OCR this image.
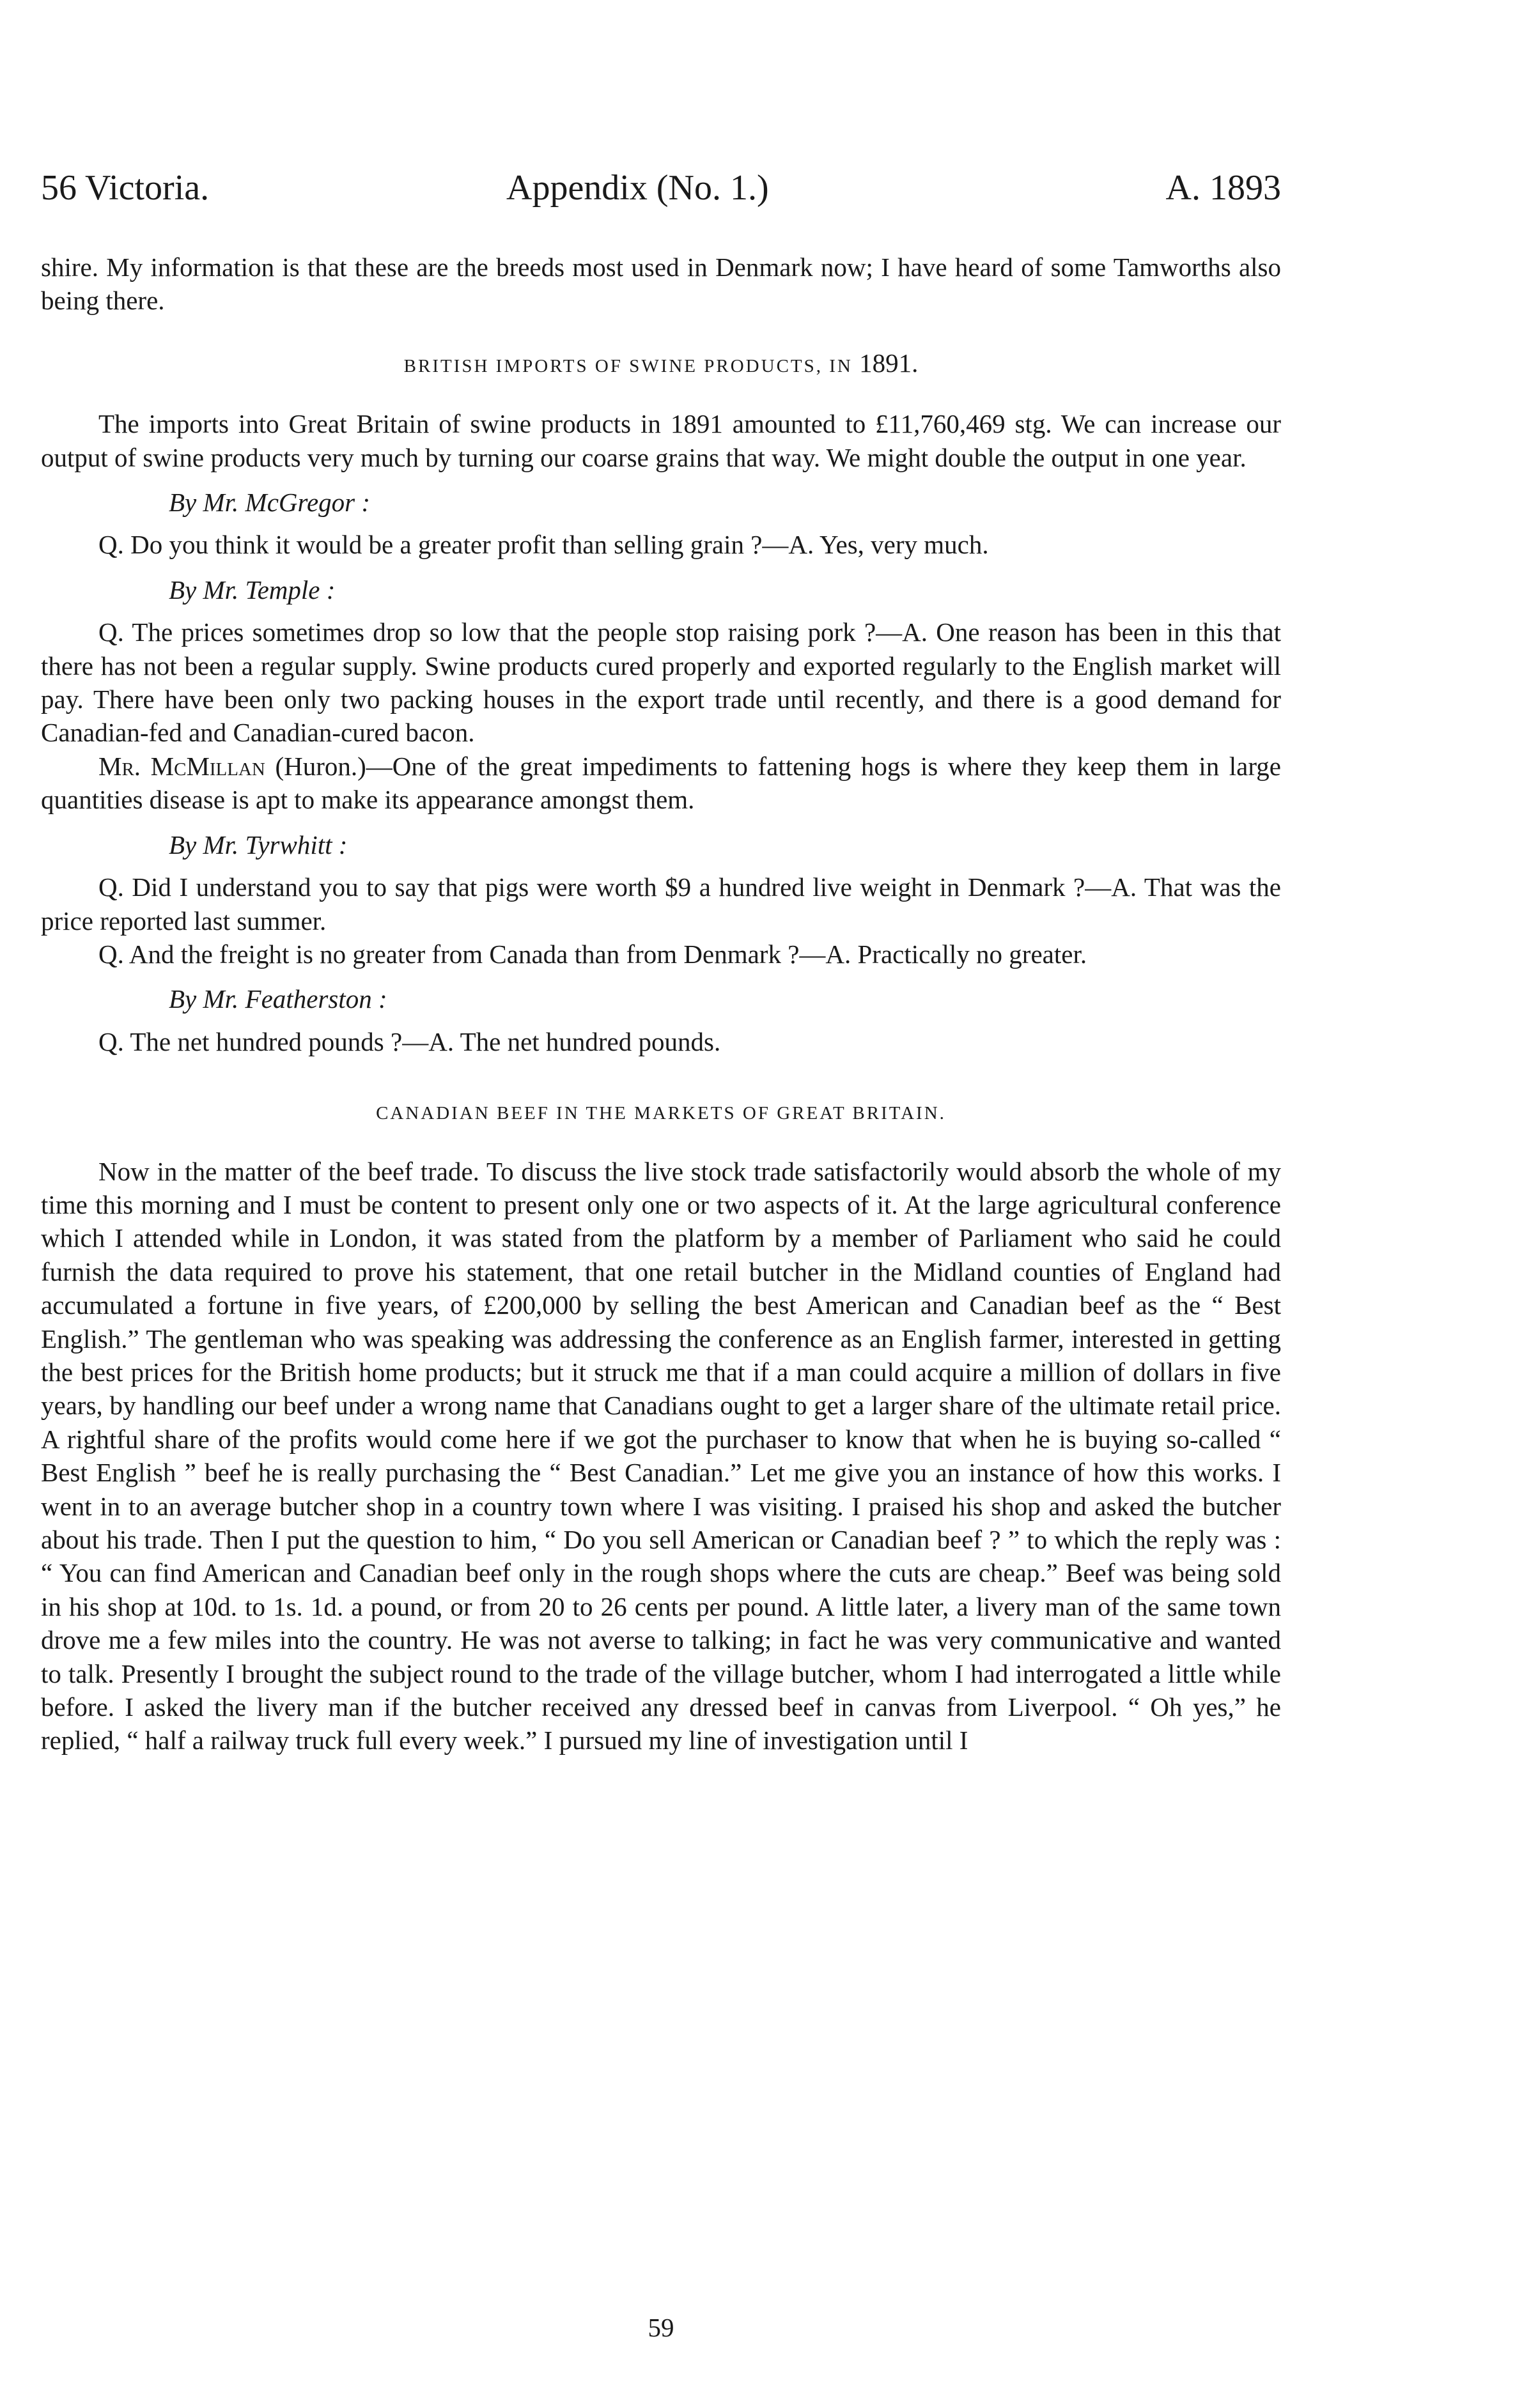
56 Victoria.	Appendix (No. 1.)	A. 1893

shire. My information is that these are the breeds most used in Denmark now; I have heard of some Tamworths also being there.

BRITISH IMPORTS OF SWINE PRODUCTS, IN 1891.

The imports into Great Britain of swine products in 1891 amounted to £11,760,469 stg. We can increase our output of swine products very much by turning our coarse grains that way. We might double the output in one year.

By Mr. McGregor :

Q. Do you think it would be a greater profit than selling grain ?—A. Yes, very much.

By Mr. Temple :

Q. The prices sometimes drop so low that the people stop raising pork ?—A. One reason has been in this that there has not been a regular supply. Swine products cured properly and exported regularly to the English market will pay. There have been only two packing houses in the export trade until recently, and there is a good demand for Canadian-fed and Canadian-cured bacon.

Mr. McMillan (Huron.)—One of the great impediments to fattening hogs is where they keep them in large quantities disease is apt to make its appearance amongst them.

By Mr. Tyrwhitt :

Q. Did I understand you to say that pigs were worth $9 a hundred live weight in Denmark ?—A. That was the price reported last summer.

Q. And the freight is no greater from Canada than from Denmark ?—A. Practically no greater.

By Mr. Featherston :

Q. The net hundred pounds ?—A. The net hundred pounds.

CANADIAN BEEF IN THE MARKETS OF GREAT BRITAIN.

Now in the matter of the beef trade. To discuss the live stock trade satisfactorily would absorb the whole of my time this morning and I must be content to present only one or two aspects of it. At the large agricultural conference which I attended while in London, it was stated from the platform by a member of Parliament who said he could furnish the data required to prove his statement, that one retail butcher in the Midland counties of England had accumulated a fortune in five years, of £200,000 by selling the best American and Canadian beef as the “ Best English.” The gentleman who was speaking was addressing the conference as an English farmer, interested in getting the best prices for the British home products; but it struck me that if a man could acquire a million of dollars in five years, by handling our beef under a wrong name that Canadians ought to get a larger share of the ultimate retail price. A rightful share of the profits would come here if we got the purchaser to know that when he is buying so-called “ Best English ” beef he is really purchasing the “ Best Canadian.” Let me give you an instance of how this works. I went in to an average butcher shop in a country town where I was visiting. I praised his shop and asked the butcher about his trade. Then I put the question to him, “ Do you sell American or Canadian beef ? ” to which the reply was : “ You can find American and Canadian beef only in the rough shops where the cuts are cheap.” Beef was being sold in his shop at 10d. to 1s. 1d. a pound, or from 20 to 26 cents per pound. A little later, a livery man of the same town drove me a few miles into the country. He was not averse to talking; in fact he was very communicative and wanted to talk. Presently I brought the subject round to the trade of the village butcher, whom I had interrogated a little while before. I asked the livery man if the butcher received any dressed beef in canvas from Liverpool. “ Oh yes,” he replied, “ half a railway truck full every week.” I pursued my line of investigation until I

59
